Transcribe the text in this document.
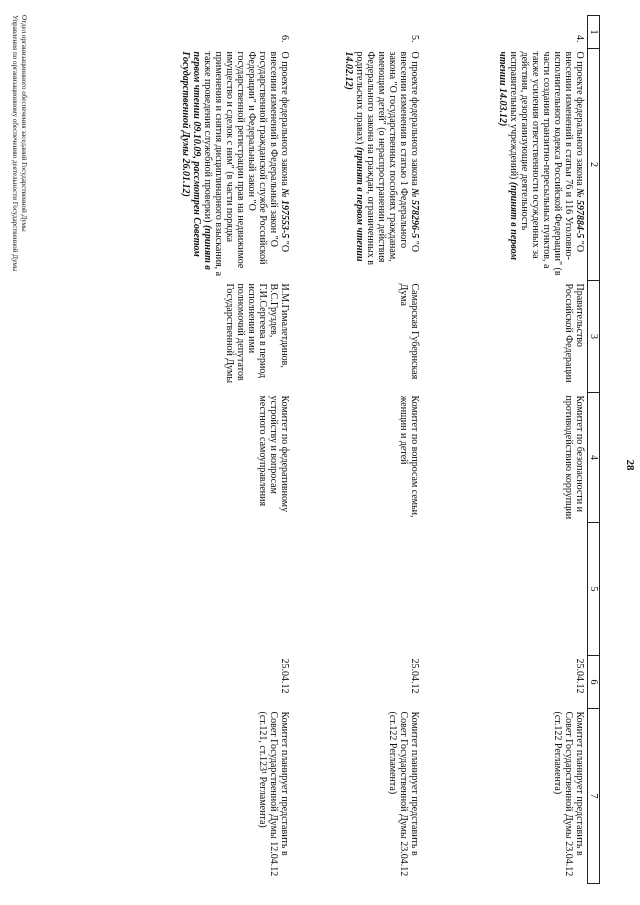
28
1	2	3	4	5	6	7
4.	О проекте федерального закона № 597884-5 "О внесении изменений в статьи 76 и 116 Уголовно-исполнительного кодекса Российской Федерации" (в части создания транзитно-пересыльных пунктов, а также усиления ответственности осужденных за действия, дезорганизующие деятельность исправительных учреждений) (принят в первом чтении 14.03.12)	Правительство Российской Федерации	Комитет по безопасности и противодействию коррупции		25.04.12	Комитет планирует представить в Совет Государственной Думы 23.04.12 (ст.122 Регламента)
5.	О проекте федерального закона № 578296-5 "О внесении изменения в статью 1 Федерального закона "О государственных пособиях гражданам, имеющим детей" (о нераспространении действия Федерального закона на граждан, ограниченных в родительских правах) (принят в первом чтении 14.02.12)	Самарская Губернская Дума	Комитет по вопросам семьи, женщин и детей		25.04.12	Комитет планирует представить в Совет Государственной Думы 23.04.12 (ст.122 Регламента)
6.	О проекте федерального закона № 197553-5 "О внесении изменений в Федеральный закон "О государственной гражданской службе Российской Федерации" и Федеральный закон "О государственной регистрации прав на недвижимое имущество и сделок с ним" (в части порядка применения и снятия дисциплинарного взыскания, а также проведения служебной проверки) (принят в первом чтении 09.10.09, рассмотрен Советом Государственной Думы 26.01.12)	И.М.Гималетдинов, В.С.Груздев, Г.И.Сергеева в период исполнения ими полномочий депутатов Государственной Думы	Комитет по федеративному устройству и вопросам местного самоуправления		25.04.12	Комитет планирует представить в Совет Государственной Думы 12.04.12 (ст.121, ст.123¹ Регламента)
Отдел организационного обеспечения заседаний Государственной Думы
Управления по организационному обеспечению деятельности Государственной Думы
